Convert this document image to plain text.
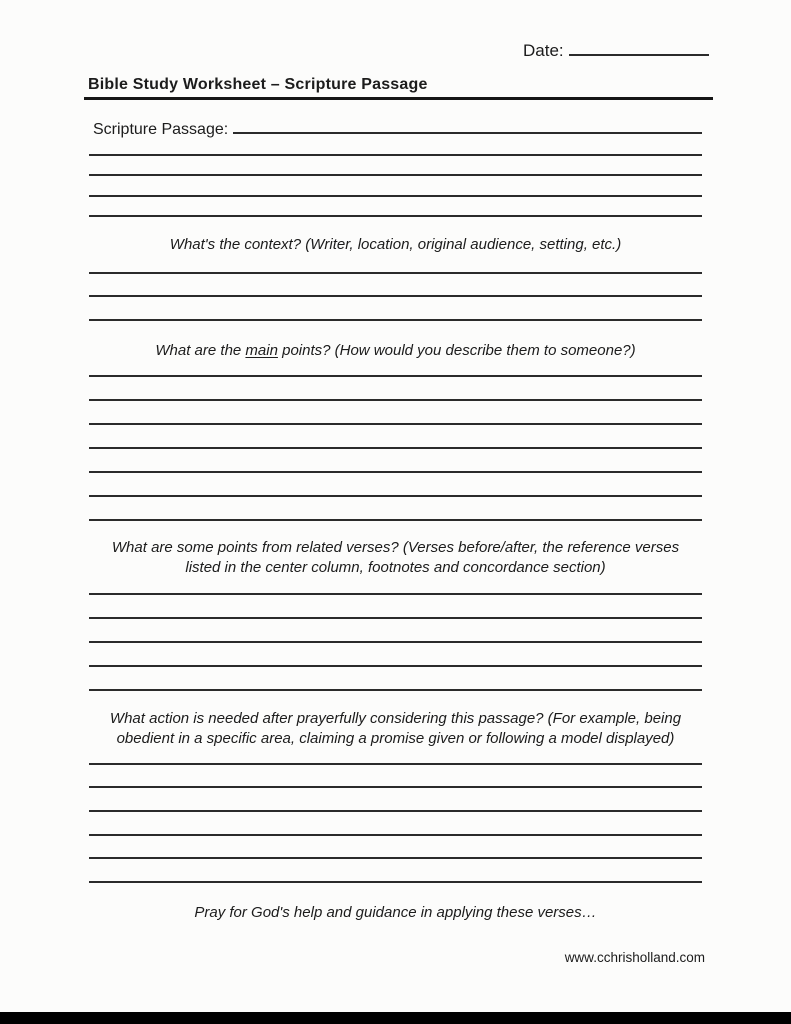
Date:
Bible Study Worksheet – Scripture Passage
Scripture Passage:
What's the context? (Writer, location, original audience, setting, etc.)
What are the main points? (How would you describe them to someone?)
What are some points from related verses? (Verses before/after, the reference verses
listed in the center column, footnotes and concordance section)
What action is needed after prayerfully considering this passage? (For example, being
obedient in a specific area, claiming a promise given or following a model displayed)
Pray for God's help and guidance in applying these verses…
www.cchrisholland.com
